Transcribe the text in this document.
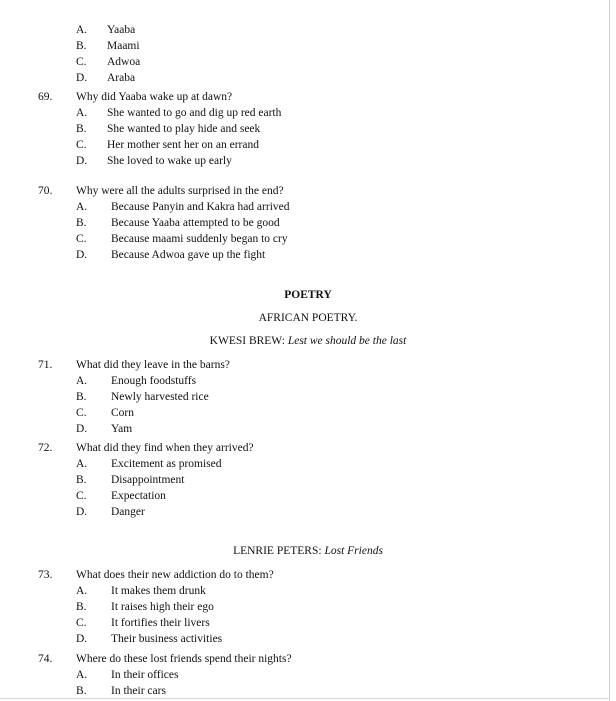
A. Yaaba
B. Maami
C. Adwoa
D. Araba
69. Why did Yaaba wake up at dawn?
A. She wanted to go and dig up red earth
B. She wanted to play hide and seek
C. Her mother sent her on an errand
D. She loved to wake up early
70. Why were all the adults surprised in the end?
A. Because Panyin and Kakra had arrived
B. Because Yaaba attempted to be good
C. Because maami suddenly began to cry
D. Because Adwoa gave up the fight
POETRY
AFRICAN POETRY.
KWESI BREW: Lest we should be the last
71. What did they leave in the barns?
A. Enough foodstuffs
B. Newly harvested rice
C. Corn
D. Yam
72. What did they find when they arrived?
A. Excitement as promised
B. Disappointment
C. Expectation
D. Danger
LENRIE PETERS: Lost Friends
73. What does their new addiction do to them?
A. It makes them drunk
B. It raises high their ego
C. It fortifies their livers
D. Their business activities
74. Where do these lost friends spend their nights?
A. In their offices
B. In their cars
